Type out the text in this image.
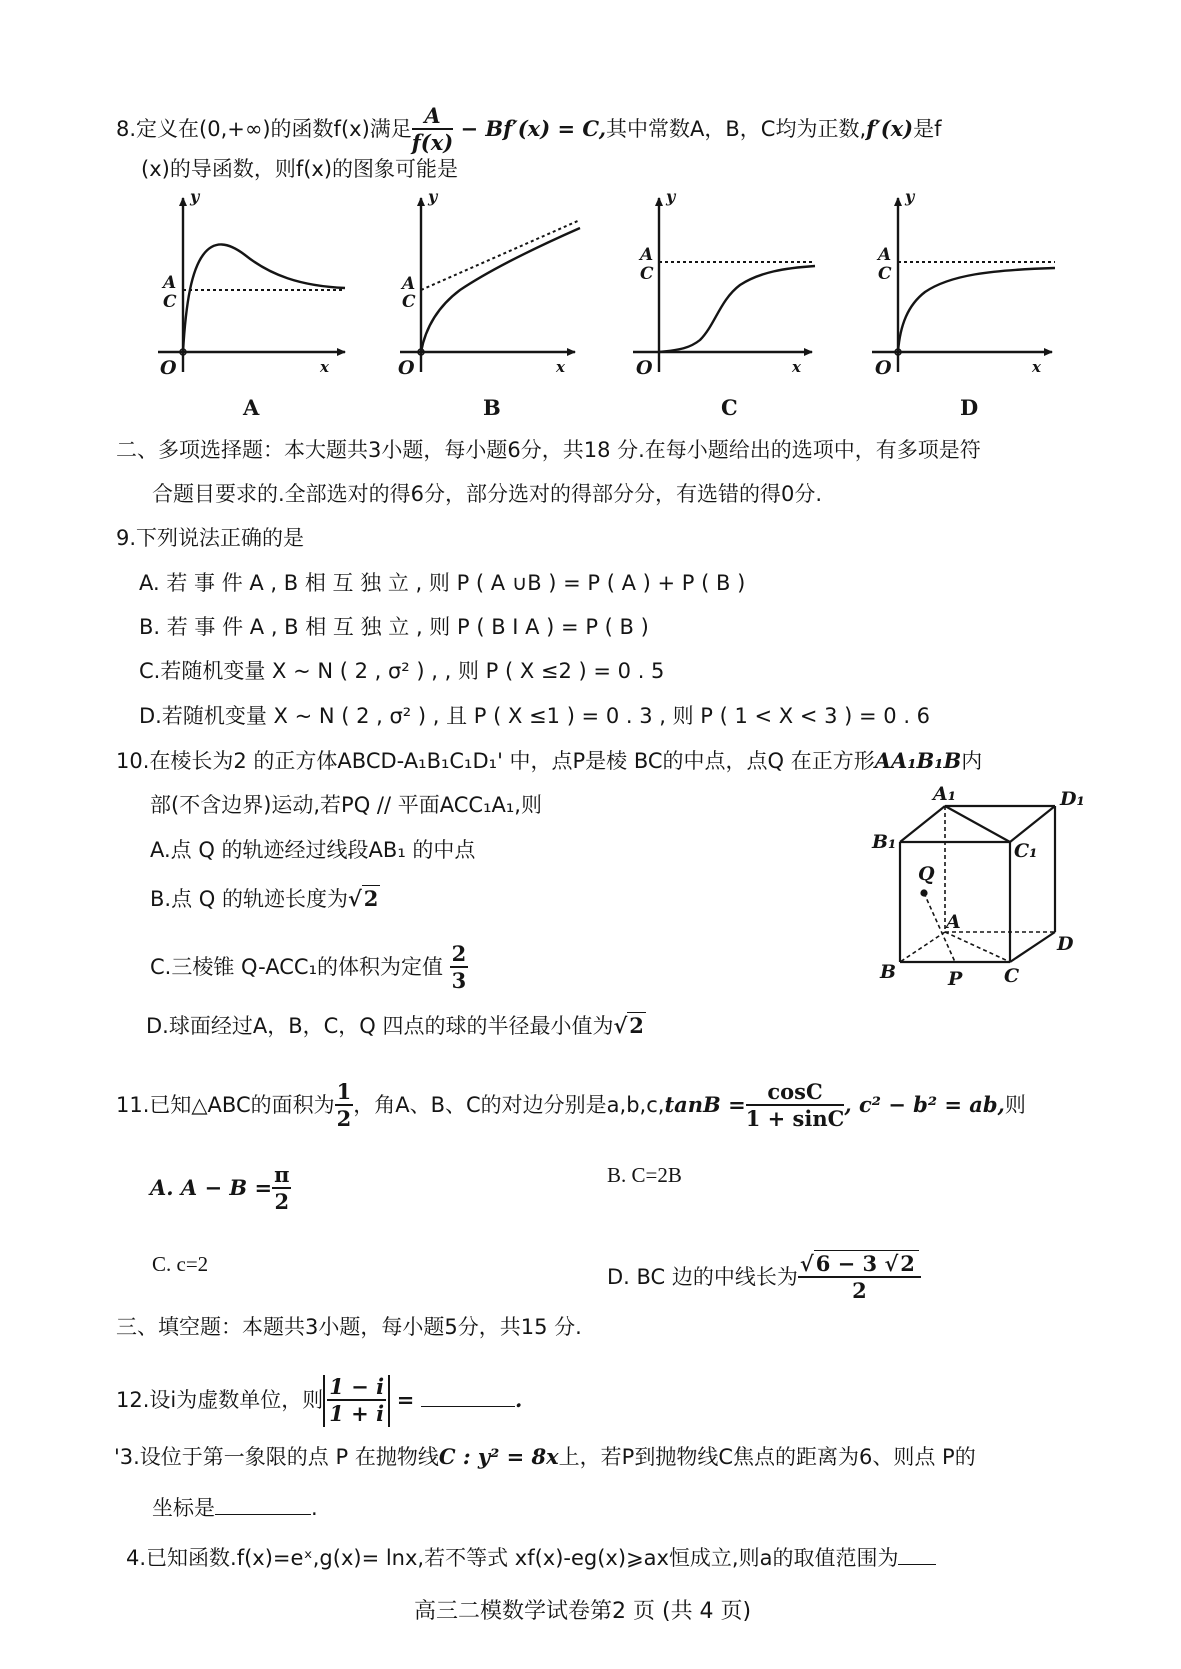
8.定义在(0,+∞)的函数f(x)满足 $\frac{A}{f(x)} - Bf'(x) = C$,其中常数A，B，C均为正数,f′(x)是f
(x)的导函数，则f(x)的图象可能是
y
x
O
A
C
y
x
O
A
C
y
x
O
A
C
y
x
O
A
C
A	B	C	D
二、多项选择题：本大题共3小题，每小题6分，共18 分.在每小题给出的选项中，有多项是符
合题目要求的.全部选对的得6分，部分选对的得部分分，有选错的得0分.
9.下列说法正确的是
A. 若 事 件 A , B 相 互 独 立 , 则 P ( A ∪B ) = P ( A ) + P ( B )
B. 若 事 件 A , B 相 互 独 立 , 则 P ( B I A ) = P ( B )
C.若随机变量 X ~ N ( 2 , σ² ) , , 则 P ( X ≤2 ) = 0 . 5
D.若随机变量 X ~ N ( 2 , σ² ) , 且 P ( X ≤1 ) = 0 . 3 , 则 P ( 1 < X < 3 ) = 0 . 6
10.在棱长为2 的正方体ABCD-A₁B₁C₁D₁' 中，点P是棱 BC的中点，点Q 在正方形AA₁B₁B内
部(不含边界)运动,若PQ // 平面ACC₁A₁,则
A.点 Q 的轨迹经过线段AB₁ 的中点
B.点 Q 的轨迹长度为√2
C.三棱锥 Q-ACC₁的体积为定值 $\frac{2}{3}$
D.球面经过A，B，C，Q 四点的球的半径最小值为√2
A₁	D₁
B₁	C₁
Q
A
D
B	P C
11.已知△ABC的面积为 $\frac{1}{2}$ ，角A、B、C的对边分别是$a,b,c,\tan B = \frac{\cos C}{1 + \sin C}$ , c² − b² = ab,则
A. $A - B = \frac{\pi}{2}$	B. C=2B
C. c=2
D. BC 边的中线长为 $\frac{√6 - 3 √2}{2}$
三、填空题：本题共3小题，每小题5分，共15 分.
12.设i为虚数单位，则 $\frac{1 - i}{1 + i}$ =	.
'3.设位于第一象限的点 P 在抛物线C : y² = 8x上，若P到抛物线C焦点的距离为6、则点 P的
坐标是	.
4.已知函数.f(x)=eˣ,g(x)= lnx,若不等式 xf(x)-eg(x)⩾ax恒成立,则a的取值范围为
高三二模数学试卷第2 页 (共 4 页)
